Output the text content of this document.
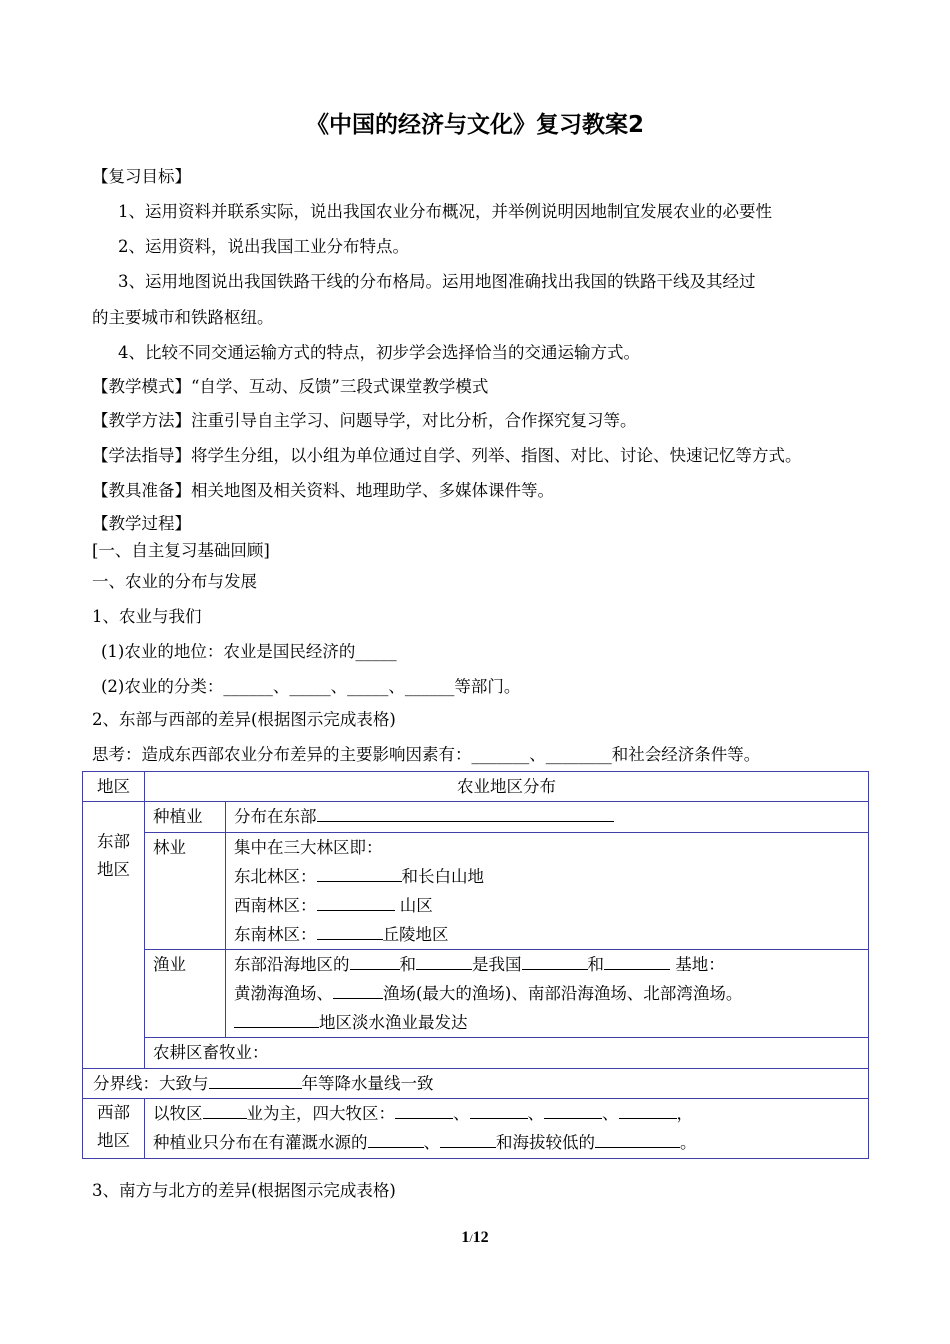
《中国的经济与文化》复习教案2
【复习目标】
1、运用资料并联系实际，说出我国农业分布概况，并举例说明因地制宜发展农业的必要性
2、运用资料，说出我国工业分布特点。
3、运用地图说出我国铁路干线的分布格局。运用地图准确找出我国的铁路干线及其经过
的主要城市和铁路枢纽。
4、比较不同交通运输方式的特点，初步学会选择恰当的交通运输方式。
【教学模式】“自学、互动、反馈”三段式课堂教学模式
【教学方法】注重引导自主学习、问题导学，对比分析，合作探究复习等。
【学法指导】将学生分组，以小组为单位通过自学、列举、指图、对比、讨论、快速记忆等方式。
【教具准备】相关地图及相关资料、地理助学、多媒体课件等。
【教学过程】
[一、自主复习基础回顾]
一、农业的分布与发展
1、农业与我们
(1)农业的地位：农业是国民经济的_____
(2)农业的分类：______、_____、_____、______等部门。
2、东部与西部的差异(根据图示完成表格)
思考：造成东西部农业分布差异的主要影响因素有：_______、________和社会经济条件等。
地区	农业地区分布	
东部地区	种植业	分布在东部
	林业	集中在三大林区即：
东北林区： 和长白山地
西南林区： 山区
东南林区： 丘陵地区

	渔业	东部沿海地区的 和 是我国 和 基地：
黄渤海渔场、 渔场(最大的渔场)、南部沿海渔场、北部湾渔场。
地区淡水渔业最发达

	农耕区畜牧业：	
分界线：大致与 年等降水量线一致		
西部地区	以牧区 业为主，四大牧区： 、 、 、 ，
种植业只分布在有灌溉水源的 、 和海拔较低的 。	
3、南方与北方的差异(根据图示完成表格)
1/12
